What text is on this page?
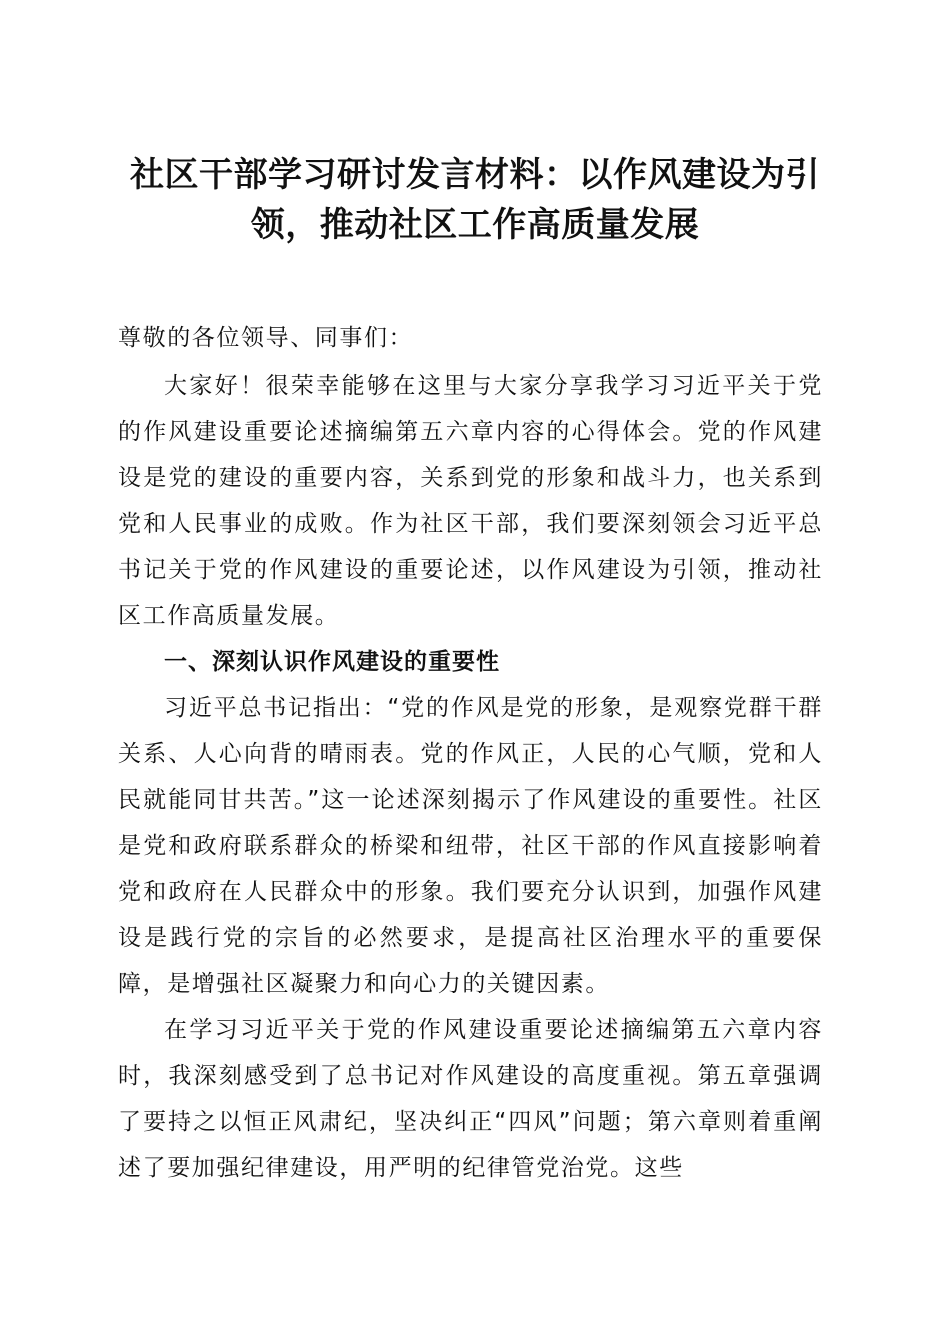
社区干部学习研讨发言材料：以作风建设为引领，推动社区工作高质量发展

尊敬的各位领导、同事们：

大家好！很荣幸能够在这里与大家分享我学习习近平关于党的作风建设重要论述摘编第五六章内容的心得体会。党的作风建设是党的建设的重要内容，关系到党的形象和战斗力，也关系到党和人民事业的成败。作为社区干部，我们要深刻领会习近平总书记关于党的作风建设的重要论述，以作风建设为引领，推动社区工作高质量发展。

一、深刻认识作风建设的重要性

习近平总书记指出：“党的作风是党的形象，是观察党群干群关系、人心向背的晴雨表。党的作风正，人民的心气顺，党和人民就能同甘共苦。”这一论述深刻揭示了作风建设的重要性。社区是党和政府联系群众的桥梁和纽带，社区干部的作风直接影响着党和政府在人民群众中的形象。我们要充分认识到，加强作风建设是践行党的宗旨的必然要求，是提高社区治理水平的重要保障，是增强社区凝聚力和向心力的关键因素。

在学习习近平关于党的作风建设重要论述摘编第五六章内容时，我深刻感受到了总书记对作风建设的高度重视。第五章强调了要持之以恒正风肃纪，坚决纠正“四风”问题；第六章则着重阐述了要加强纪律建设，用严明的纪律管党治党。这些
